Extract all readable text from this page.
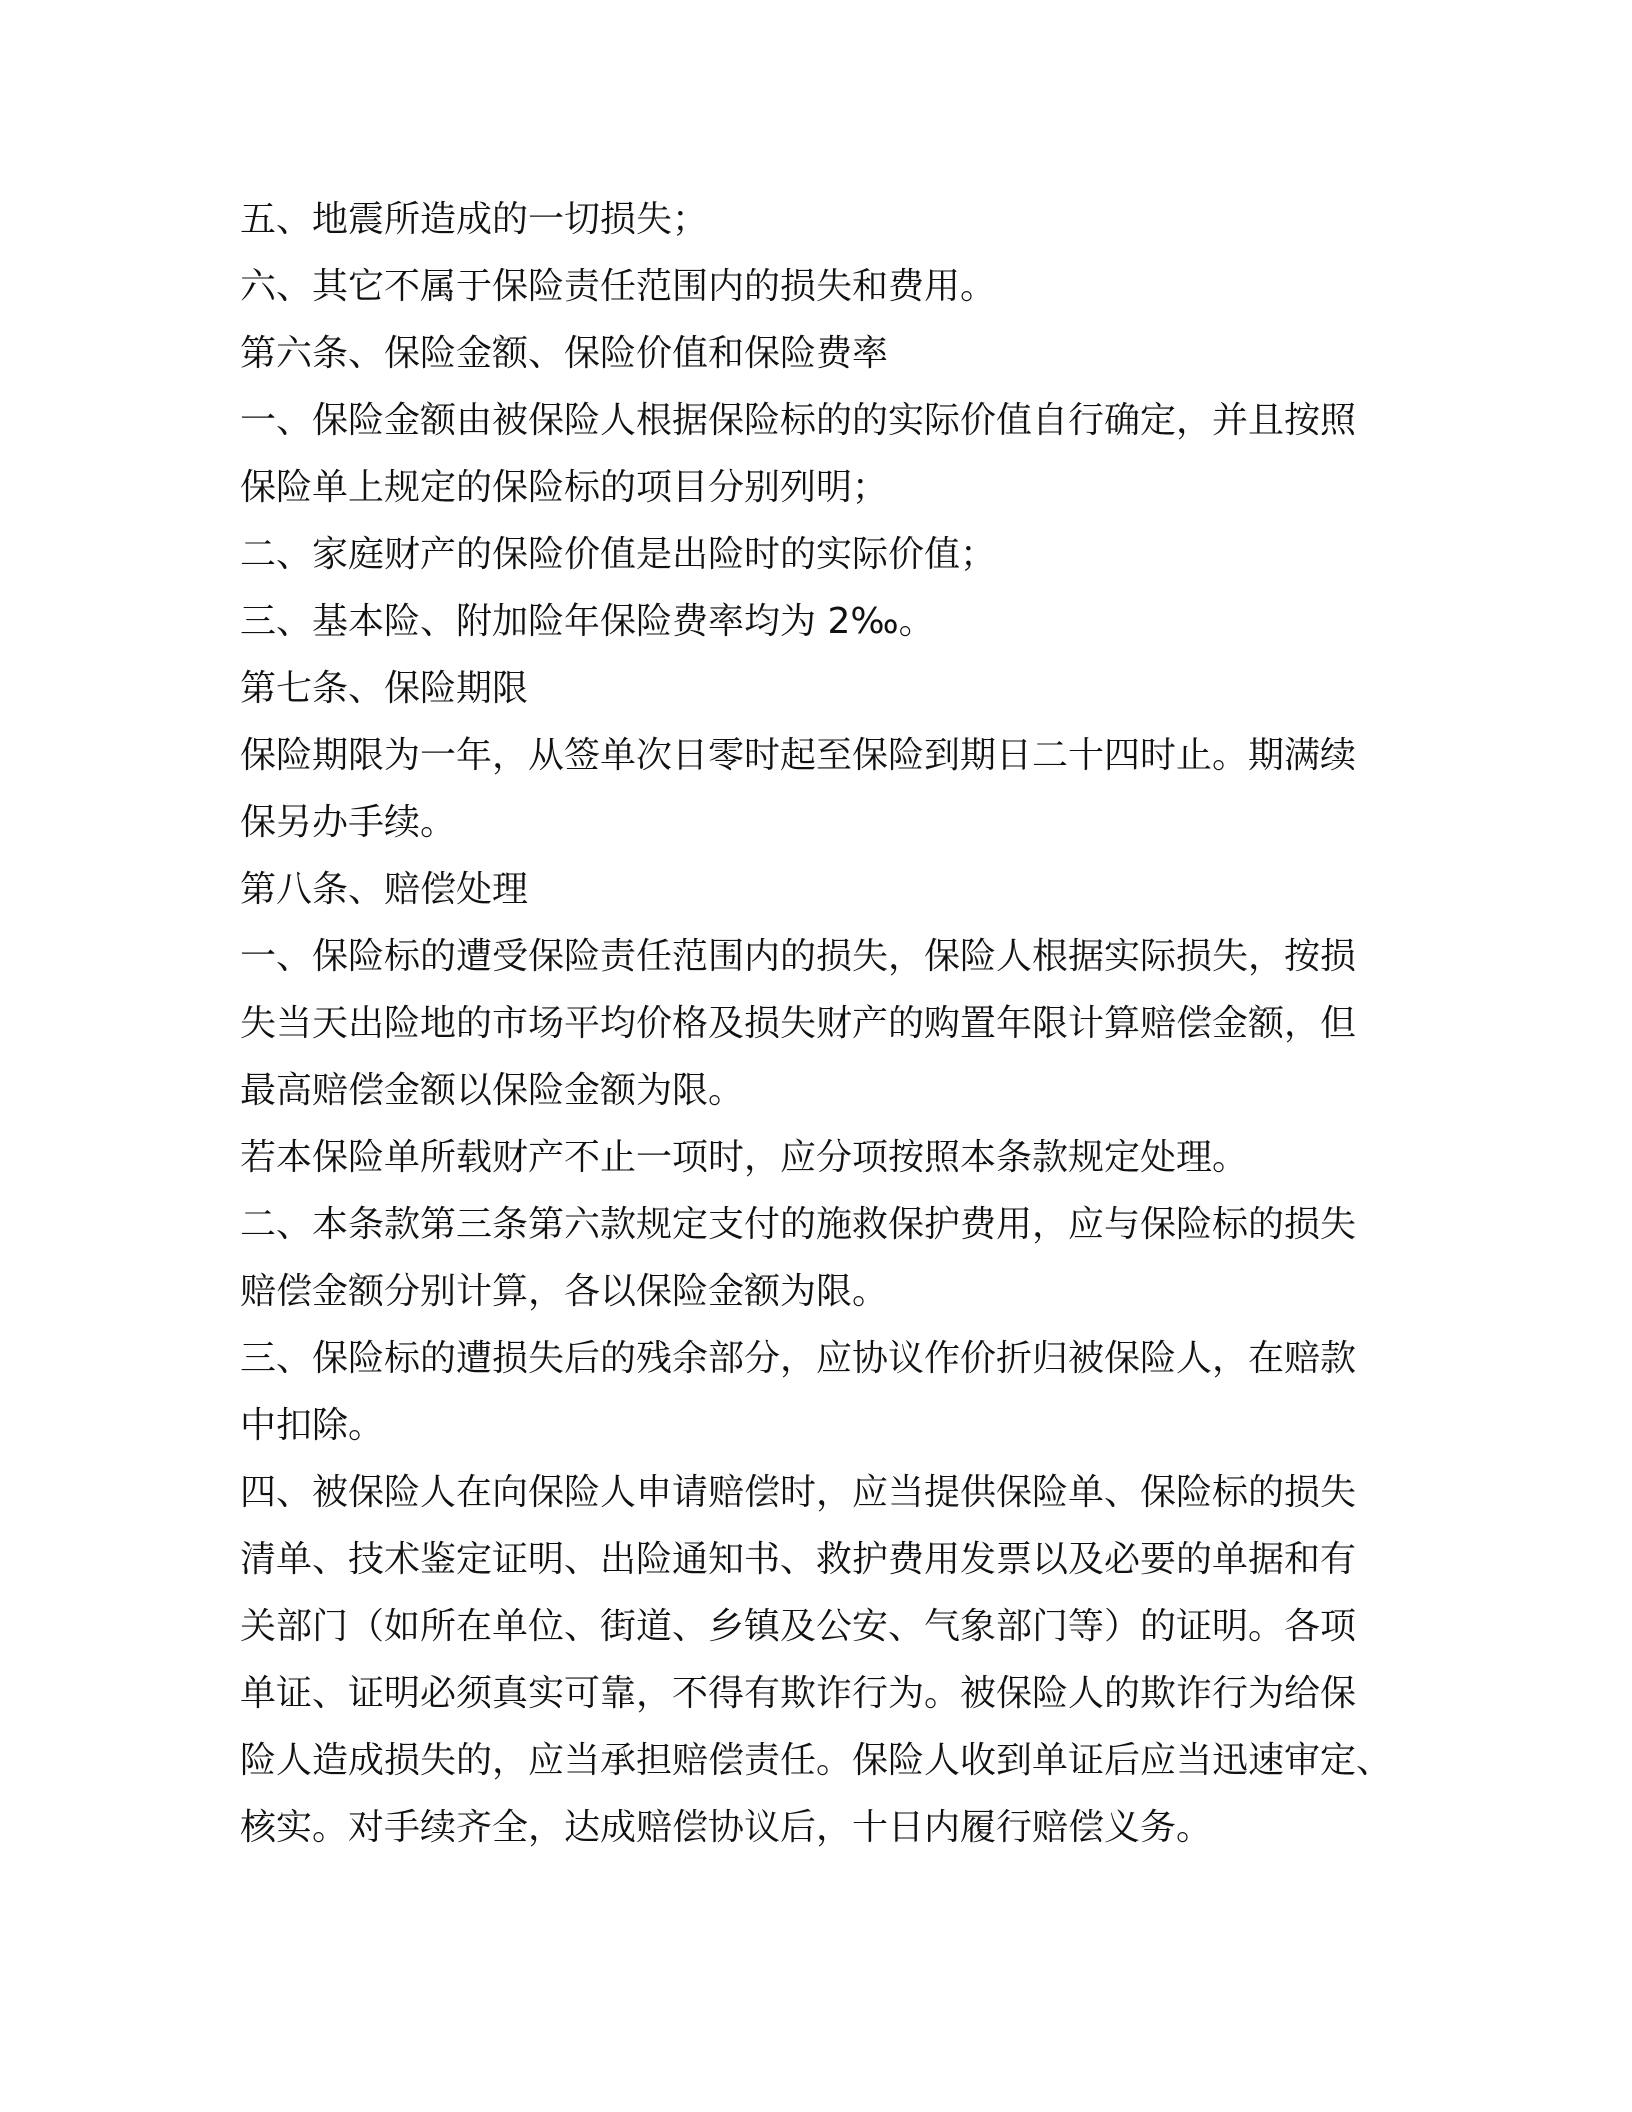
五、地震所造成的一切损失；

六、其它不属于保险责任范围内的损失和费用。

第六条、保险金额、保险价值和保险费率

一、保险金额由被保险人根据保险标的的实际价值自行确定，并且按照

保险单上规定的保险标的项目分别列明；

二、家庭财产的保险价值是出险时的实际价值；

三、基本险、附加险年保险费率均为 2‰。

第七条、保险期限

保险期限为一年，从签单次日零时起至保险到期日二十四时止。期满续

保另办手续。

第八条、赔偿处理

一、保险标的遭受保险责任范围内的损失，保险人根据实际损失，按损

失当天出险地的市场平均价格及损失财产的购置年限计算赔偿金额，但

最高赔偿金额以保险金额为限。

若本保险单所载财产不止一项时，应分项按照本条款规定处理。

二、本条款第三条第六款规定支付的施救保护费用，应与保险标的损失

赔偿金额分别计算，各以保险金额为限。

三、保险标的遭损失后的残余部分，应协议作价折归被保险人，在赔款

中扣除。

四、被保险人在向保险人申请赔偿时，应当提供保险单、保险标的损失

清单、技术鉴定证明、出险通知书、救护费用发票以及必要的单据和有

关部门（如所在单位、街道、乡镇及公安、气象部门等）的证明。各项

单证、证明必须真实可靠，不得有欺诈行为。被保险人的欺诈行为给保

险人造成损失的，应当承担赔偿责任。保险人收到单证后应当迅速审定、

核实。对手续齐全，达成赔偿协议后，十日内履行赔偿义务。
